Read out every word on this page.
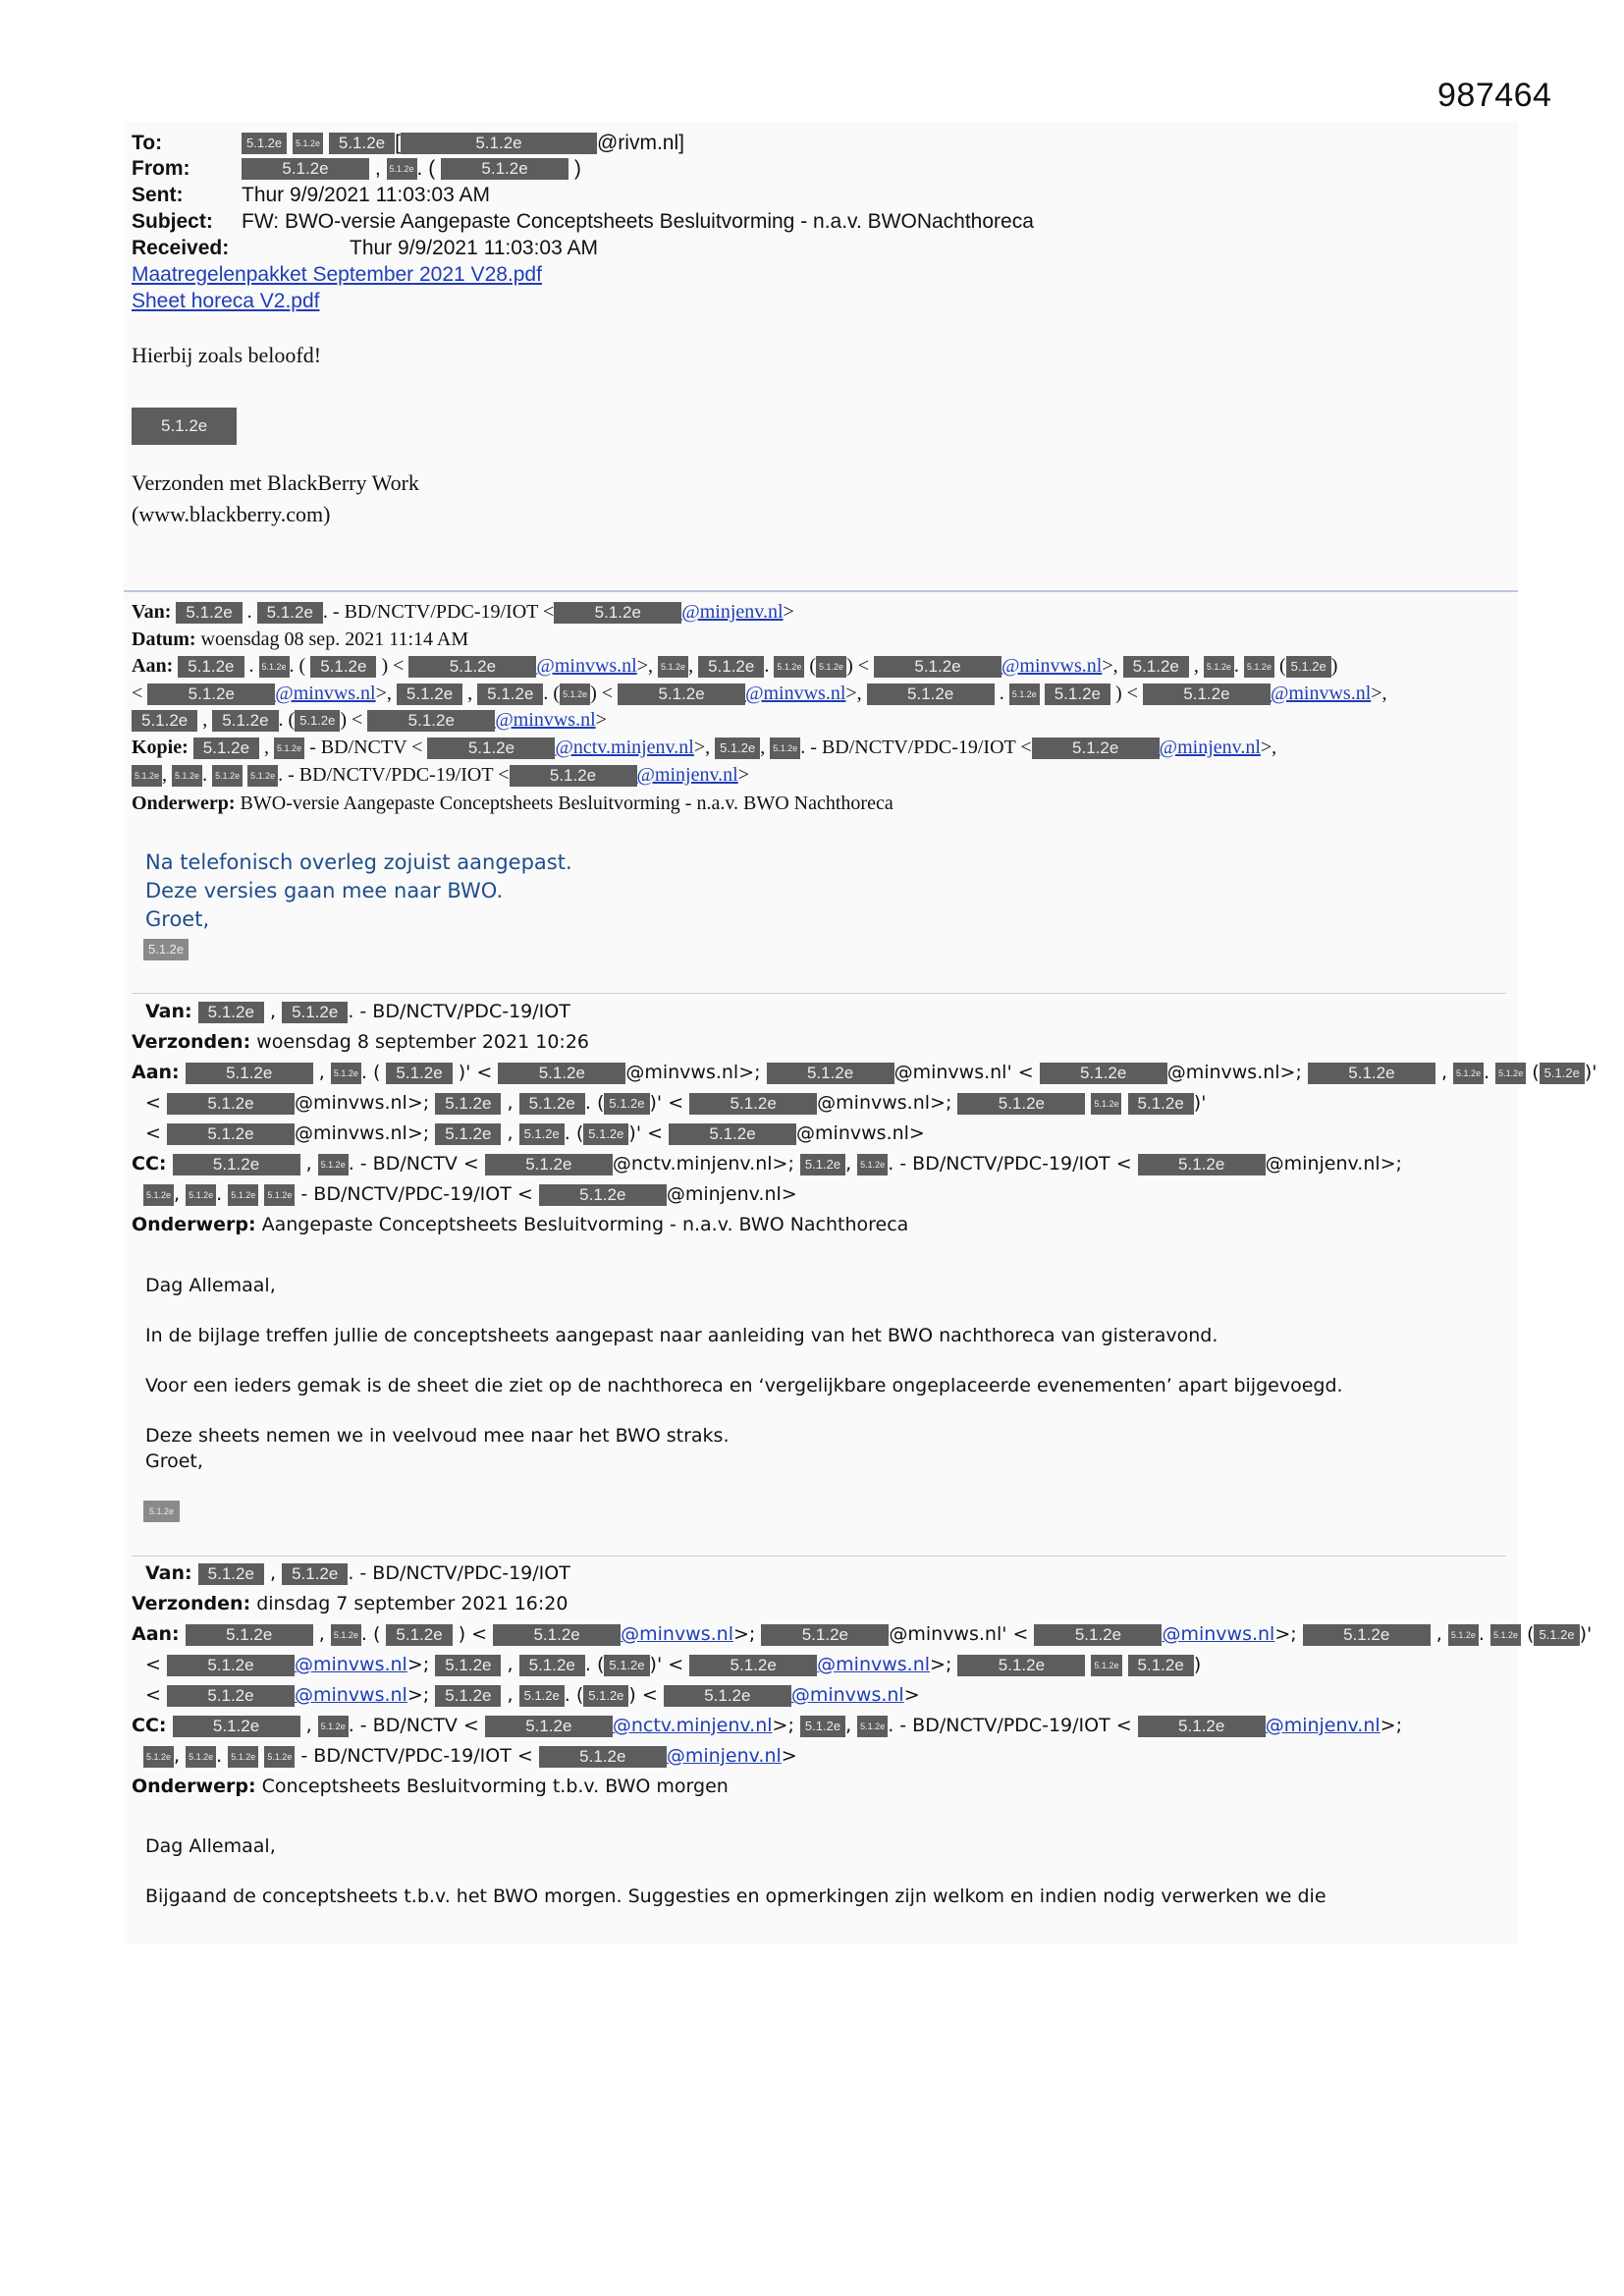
987464
To:	5.1.2e 5.1.2e 5.1.2e [	5.1.2e	@rivm.nl]
From:	5.1.2e , 5.1.2e . ( 5.1.2e )
Sent:	Thur 9/9/2021 11:03:03 AM
Subject: FW: BWO-versie Aangepaste Conceptsheets Besluitvorming - n.a.v. BWONachthoreca
Received:	Thur 9/9/2021 11:03:03 AM
Maatregelenpakket September 2021 V28.pdf
Sheet horeca V2.pdf
Hierbij zoals beloofd!
5.1.2e
Verzonden met BlackBerry Work
(www.blackberry.com)
Van: 5.1.2e . 5.1.2e . - BD/NCTV/PDC-19/IOT < 5.1.2e @minjenv.nl>
Datum: woensdag 08 sep. 2021 11:14 AM
Aan: 5.1.2e . 5.1.2e . ( 5.1.2e ) < 5.1.2e @minvws.nl>, 5.1.2e , 5.1.2e . 5.1.2e ( 5.1.2e ) < 5.1.2e @minvws.nl>, 5.1.2e , 5.1.2e . 5.1.2e ( 5.1.2e )
< 5.1.2e @minvws.nl>, 5.1.2e , 5.1.2e . ( 5.1.2e ) < 5.1.2e @minvws.nl>, 5.1.2e . 5.1.2e 5.1.2e ) < 5.1.2e @minvws.nl>,
5.1.2e , 5.1.2e . ( 5.1.2e ) < 5.1.2e @minvws.nl>
Kopie: 5.1.2e , 5.1.2e - BD/NCTV <	5.1.2e @nctv.minjenv.nl>, 5.1.2e , 5.1.2e . - BD/NCTV/PDC-19/IOT < 5.1.2e @minjenv.nl>,
5.1.2e , 5.1.2e . 5.1.2e 5.1.2e . - BD/NCTV/PDC-19/IOT < 5.1.2e @minjenv.nl>
Onderwerp: BWO-versie Aangepaste Conceptsheets Besluitvorming - n.a.v. BWO Nachthoreca
Na telefonisch overleg zojuist aangepast.
Deze versies gaan mee naar BWO.
Groet,
5.1.2e
Van: 5.1.2e , 5.1.2e . - BD/NCTV/PDC-19/IOT
Verzonden: woensdag 8 september 2021 10:26
Aan:	5.1.2e , 5.1.2e . ( 5.1.2e )' < 5.1.2e @minvws.nl>; 5.1.2e @minvws.nl' < 5.1.2e @minvws.nl>; 5.1.2e , 5.1.2e . 5.1.2e ( 5.1.2e )'
< 5.1.2e @minvws.nl>; 5.1.2e , 5.1.2e . ( 5.1.2e )' < 5.1.2e @minvws.nl>; 5.1.2e	5.1.2e 5.1.2e )'
< 5.1.2e @minvws.nl>; 5.1.2e , 5.1.2e . ( 5.1.2e )' < 5.1.2e @minvws.nl>
CC:	5.1.2e , 5.1.2e . - BD/NCTV < 5.1.2e @nctv.minjenv.nl>; 5.1.2e , 5.1.2e . - BD/NCTV/PDC-19/IOT < 5.1.2e @minjenv.nl>;
5.1.2e , 5.1.2e . 5.1.2e 5.1.2e - BD/NCTV/PDC-19/IOT < 5.1.2e @minjenv.nl>
Onderwerp: Aangepaste Conceptsheets Besluitvorming - n.a.v. BWO Nachthoreca
Dag Allemaal,
In de bijlage treffen jullie de conceptsheets aangepast naar aanleiding van het BWO nachthoreca van gisteravond.
Voor een ieders gemak is de sheet die ziet op de nachthoreca en ‘vergelijkbare ongeplaceerde evenementen’ apart bijgevoegd.
Deze sheets nemen we in veelvoud mee naar het BWO straks.
Groet,
5.1.2e
Van: 5.1.2e , 5.1.2e . - BD/NCTV/PDC-19/IOT
Verzonden: dinsdag 7 september 2021 16:20
Aan:	5.1.2e , 5.1.2e . ( 5.1.2e ) < 5.1.2e @minvws.nl>; 5.1.2e @minvws.nl' < 5.1.2e @minvws.nl>; 5.1.2e , 5.1.2e . 5.1.2e ( 5.1.2e )'
< 5.1.2e @minvws.nl>; 5.1.2e , 5.1.2e . ( 5.1.2e )' < 5.1.2e @minvws.nl>; 5.1.2e	5.1.2e 5.1.2e )
< 5.1.2e @minvws.nl>; 5.1.2e , 5.1.2e . ( 5.1.2e ) < 5.1.2e @minvws.nl>
CC:	5.1.2e , 5.1.2e . - BD/NCTV < 5.1.2e @nctv.minjenv.nl>; 5.1.2e , 5.1.2e . - BD/NCTV/PDC-19/IOT < 5.1.2e @minjenv.nl>;
5.1.2e , 5.1.2e . 5.1.2e 5.1.2e - BD/NCTV/PDC-19/IOT < 5.1.2e @minjenv.nl>
Onderwerp: Conceptsheets Besluitvorming t.b.v. BWO morgen
Dag Allemaal,
Bijgaand de conceptsheets t.b.v. het BWO morgen. Suggesties en opmerkingen zijn welkom en indien nodig verwerken we die
